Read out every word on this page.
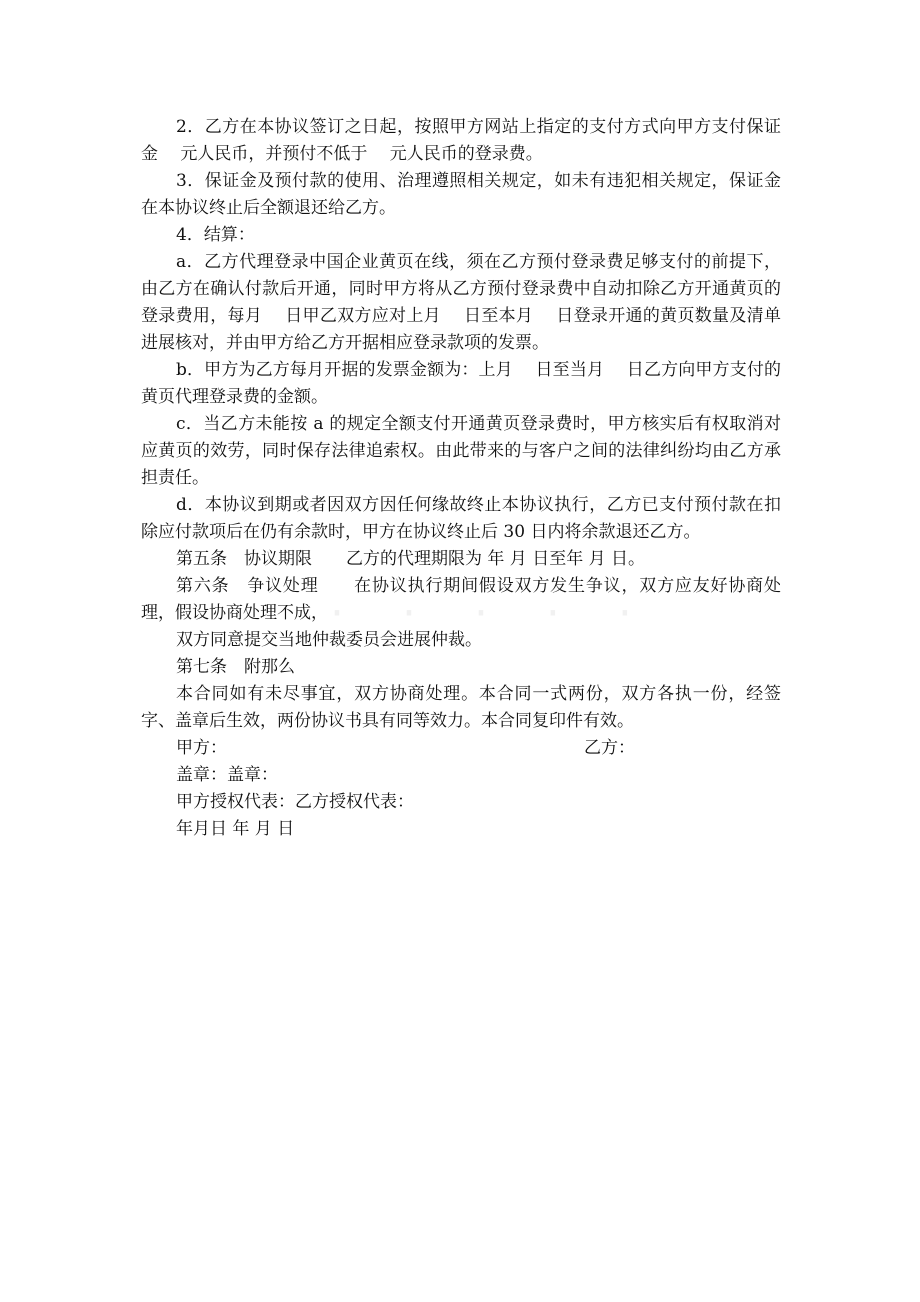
2．乙方在本协议签订之日起，按照甲方网站上指定的支付方式向甲方支付保证金　 元人民币，并预付不低于　 元人民币的登录费。

3．保证金及预付款的使用、治理遵照相关规定，如未有违犯相关规定，保证金在本协议终止后全额退还给乙方。

4．结算：

a．乙方代理登录中国企业黄页在线，须在乙方预付登录费足够支付的前提下，由乙方在确认付款后开通，同时甲方将从乙方预付登录费中自动扣除乙方开通黄页的登录费用，每月　 日甲乙双方应对上月　 日至本月　 日登录开通的黄页数量及清单进展核对，并由甲方给乙方开据相应登录款项的发票。

b．甲方为乙方每月开据的发票金额为：上月　 日至当月　 日乙方向甲方支付的黄页代理登录费的金额。

c．当乙方未能按 a 的规定全额支付开通黄页登录费时，甲方核实后有权取消对应黄页的效劳，同时保存法律追索权。由此带来的与客户之间的法律纠纷均由乙方承担责任。

d．本协议到期或者因双方因任何缘故终止本协议执行，乙方已支付预付款在扣除应付款项后在仍有余款时，甲方在协议终止后 30 日内将余款退还乙方。

第五条　协议期限　　乙方的代理期限为 年 月 日至年 月 日。

第六条　争议处理　　在协议执行期间假设双方发生争议，双方应友好协商处理，假设协商处理不成，

双方同意提交当地仲裁委员会进展仲裁。

第七条　附那么

本合同如有未尽事宜，双方协商处理。本合同一式两份，双方各执一份，经签字、盖章后生效，两份协议书具有同等效力。本合同复印件有效。

甲方：	乙方：

盖章：盖章：

甲方授权代表：乙方授权代表：

年月日 年 月 日

· · · · ·
